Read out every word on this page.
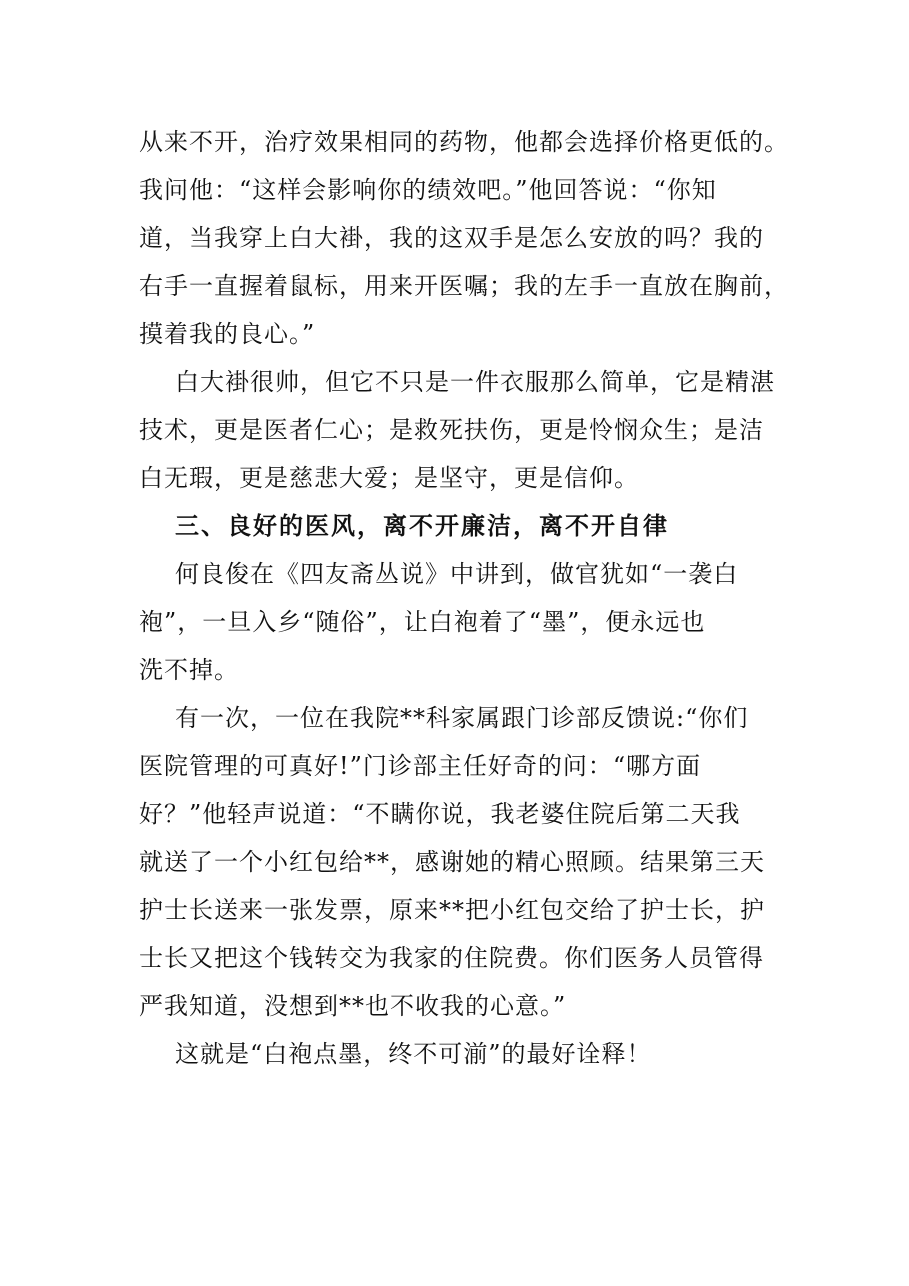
从来不开，治疗效果相同的药物，他都会选择价格更低的。
我问他：“这样会影响你的绩效吧。”他回答说：“你知
道，当我穿上白大褂，我的这双手是怎么安放的吗？我的
右手一直握着鼠标，用来开医嘱；我的左手一直放在胸前，
摸着我的良心。”
白大褂很帅，但它不只是一件衣服那么简单，它是精湛
技术，更是医者仁心；是救死扶伤，更是怜悯众生；是洁
白无瑕，更是慈悲大爱；是坚守，更是信仰。
三、良好的医风，离不开廉洁，离不开自律
何良俊在《四友斋丛说》中讲到，做官犹如“一袭白
袍”，一旦入乡“随俗”，让白袍着了“墨”，便永远也
洗不掉。
有一次，一位在我院**科家属跟门诊部反馈说:“你们
医院管理的可真好!”门诊部主任好奇的问：“哪方面
好？”他轻声说道：“不瞒你说，我老婆住院后第二天我
就送了一个小红包给**，感谢她的精心照顾。结果第三天
护士长送来一张发票，原来**把小红包交给了护士长，护
士长又把这个钱转交为我家的住院费。你们医务人员管得
严我知道，没想到**也不收我的心意。”
这就是“白袍点墨，终不可湔”的最好诠释！
